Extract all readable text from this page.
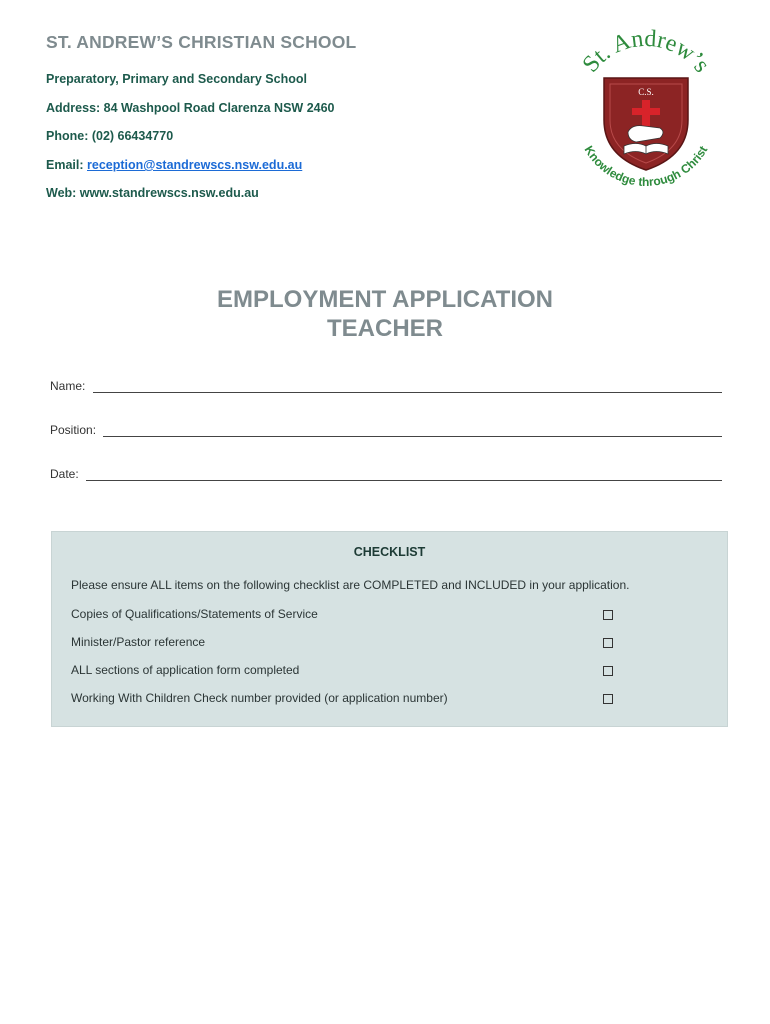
ST. ANDREW’S CHRISTIAN SCHOOL

Preparatory, Primary and Secondary School

Address: 84 Washpool Road Clarenza NSW 2460

Phone: (02) 66434770

Email: reception@standrewscs.nsw.edu.au

Web: www.standrewscs.nsw.edu.au

St. Andrew’s
Knowledge through Christ
C.S.
EMPLOYMENT APPLICATION
TEACHER
Name:
Position:
Date:
CHECKLIST
Please ensure ALL items on the following checklist are COMPLETED and INCLUDED in your application.
Copies of Qualifications/Statements of Service
Minister/Pastor reference
ALL sections of application form completed
Working With Children Check number provided (or application number)
